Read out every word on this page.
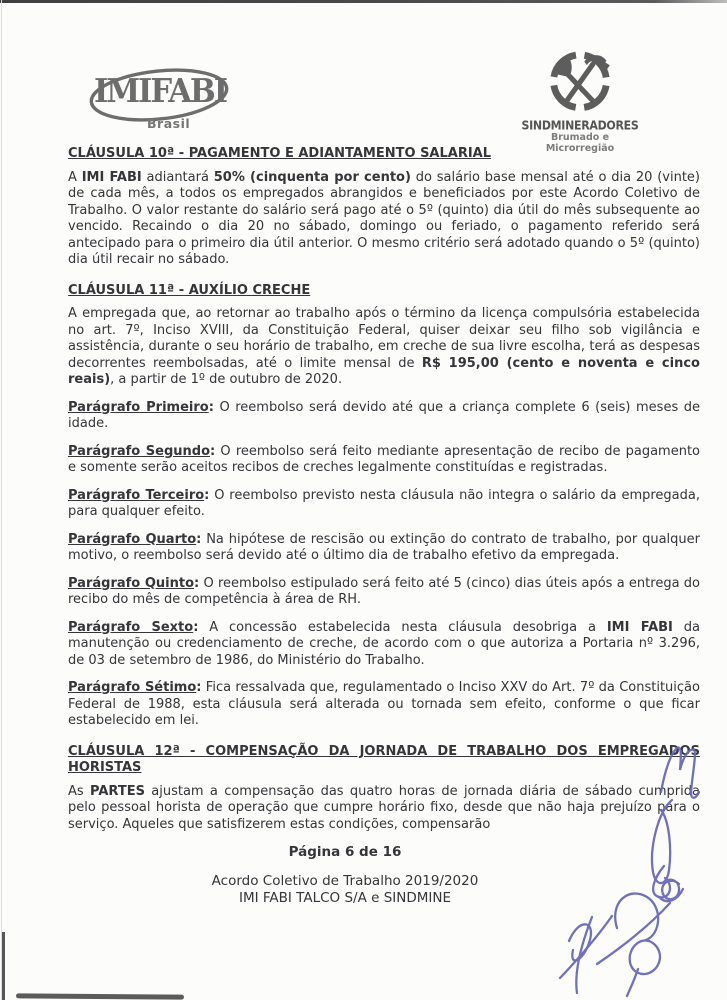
IMIFABI
Brasil	SINDMINERADORES
Brumado e Microrregião
CLÁUSULA 10ª - PAGAMENTO E ADIANTAMENTO SALARIAL
A IMI FABI adiantará 50% (cinquenta por cento) do salário base mensal até o dia 20 (vinte) de cada mês, a todos os empregados abrangidos e beneficiados por este Acordo Coletivo de Trabalho. O valor restante do salário será pago até o 5º (quinto) dia útil do mês subsequente ao vencido. Recaindo o dia 20 no sábado, domingo ou feriado, o pagamento referido será antecipado para o primeiro dia útil anterior. O mesmo critério será adotado quando o 5º (quinto) dia útil recair no sábado.
CLÁUSULA 11ª - AUXÍLIO CRECHE
A empregada que, ao retornar ao trabalho após o término da licença compulsória estabelecida no art. 7º, Inciso XVIII, da Constituição Federal, quiser deixar seu filho sob vigilância e assistência, durante o seu horário de trabalho, em creche de sua livre escolha, terá as despesas decorrentes reembolsadas, até o limite mensal de R$ 195,00 (cento e noventa e cinco reais), a partir de 1º de outubro de 2020.
Parágrafo Primeiro: O reembolso será devido até que a criança complete 6 (seis) meses de idade.
Parágrafo Segundo: O reembolso será feito mediante apresentação de recibo de pagamento e somente serão aceitos recibos de creches legalmente constituídas e registradas.
Parágrafo Terceiro: O reembolso previsto nesta cláusula não integra o salário da empregada, para qualquer efeito.
Parágrafo Quarto: Na hipótese de rescisão ou extinção do contrato de trabalho, por qualquer motivo, o reembolso será devido até o último dia de trabalho efetivo da empregada.
Parágrafo Quinto: O reembolso estipulado será feito até 5 (cinco) dias úteis após a entrega do recibo do mês de competência à área de RH.
Parágrafo Sexto: A concessão estabelecida nesta cláusula desobriga a IMI FABI da manutenção ou credenciamento de creche, de acordo com o que autoriza a Portaria nº 3.296, de 03 de setembro de 1986, do Ministério do Trabalho.
Parágrafo Sétimo: Fica ressalvada que, regulamentado o Inciso XXV do Art. 7º da Constituição Federal de 1988, esta cláusula será alterada ou tornada sem efeito, conforme o que ficar estabelecido em lei.
CLÁUSULA 12ª - COMPENSAÇÃO DA JORNADA DE TRABALHO DOS EMPREGADOS HORISTAS
As PARTES ajustam a compensação das quatro horas de jornada diária de sábado cumprida pelo pessoal horista de operação que cumpre horário fixo, desde que não haja prejuízo para o serviço. Aqueles que satisfizerem estas condições, compensarão
Página 6 de 16
Acordo Coletivo de Trabalho 2019/2020
IMI FABI TALCO S/A e SINDMINE
